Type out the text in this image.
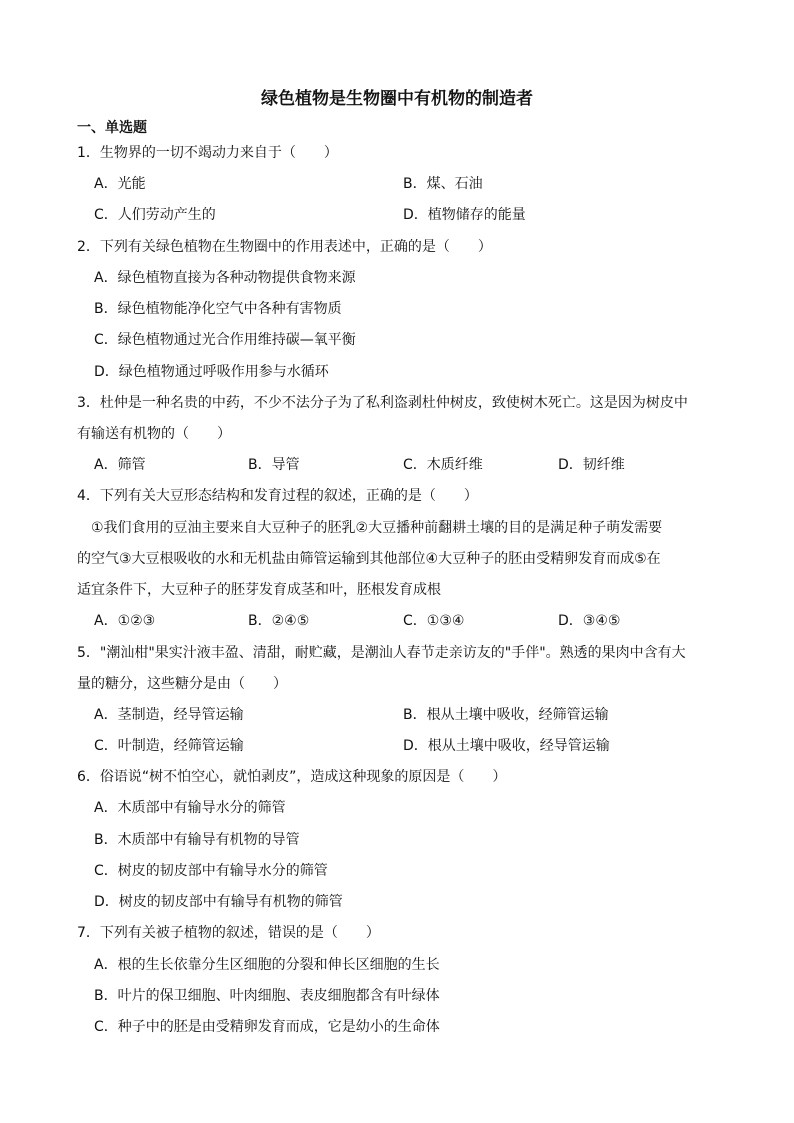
绿色植物是生物圈中有机物的制造者
一、单选题
1．生物界的一切不竭动力来自于（　　）
A．光能	B．煤、石油
C．人们劳动产生的	D．植物储存的能量
2．下列有关绿色植物在生物圈中的作用表述中，正确的是（　　）
A．绿色植物直接为各种动物提供食物来源
B．绿色植物能净化空气中各种有害物质
C．绿色植物通过光合作用维持碳—氧平衡
D．绿色植物通过呼吸作用参与水循环
3．杜仲是一种名贵的中药，不少不法分子为了私利盗剥杜仲树皮，致使树木死亡。这是因为树皮中
有输送有机物的（　　）
A．筛管	B．导管	C．木质纤维	D．韧纤维
4．下列有关大豆形态结构和发育过程的叙述，正确的是（　　）
　①我们食用的豆油主要来自大豆种子的胚乳②大豆播种前翻耕土壤的目的是满足种子萌发需要
的空气③大豆根吸收的水和无机盐由筛管运输到其他部位④大豆种子的胚由受精卵发育而成⑤在
适宜条件下，大豆种子的胚芽发育成茎和叶，胚根发育成根
A．①②③	B．②④⑤	C．①③④	D．③④⑤
5．"潮汕柑"果实汁液丰盈、清甜，耐贮藏，是潮汕人春节走亲访友的"手伴"。熟透的果肉中含有大
量的糖分，这些糖分是由（　　）
A．茎制造，经导管运输	B．根从土壤中吸收，经筛管运输
C．叶制造，经筛管运输	D．根从土壤中吸收，经导管运输
6．俗语说“树不怕空心，就怕剥皮”，造成这种现象的原因是（　　）
A．木质部中有输导水分的筛管
B．木质部中有输导有机物的导管
C．树皮的韧皮部中有输导水分的筛管
D．树皮的韧皮部中有输导有机物的筛管
7．下列有关被子植物的叙述，错误的是（　　）
A．根的生长依靠分生区细胞的分裂和伸长区细胞的生长
B．叶片的保卫细胞、叶肉细胞、表皮细胞都含有叶绿体
C．种子中的胚是由受精卵发育而成，它是幼小的生命体
